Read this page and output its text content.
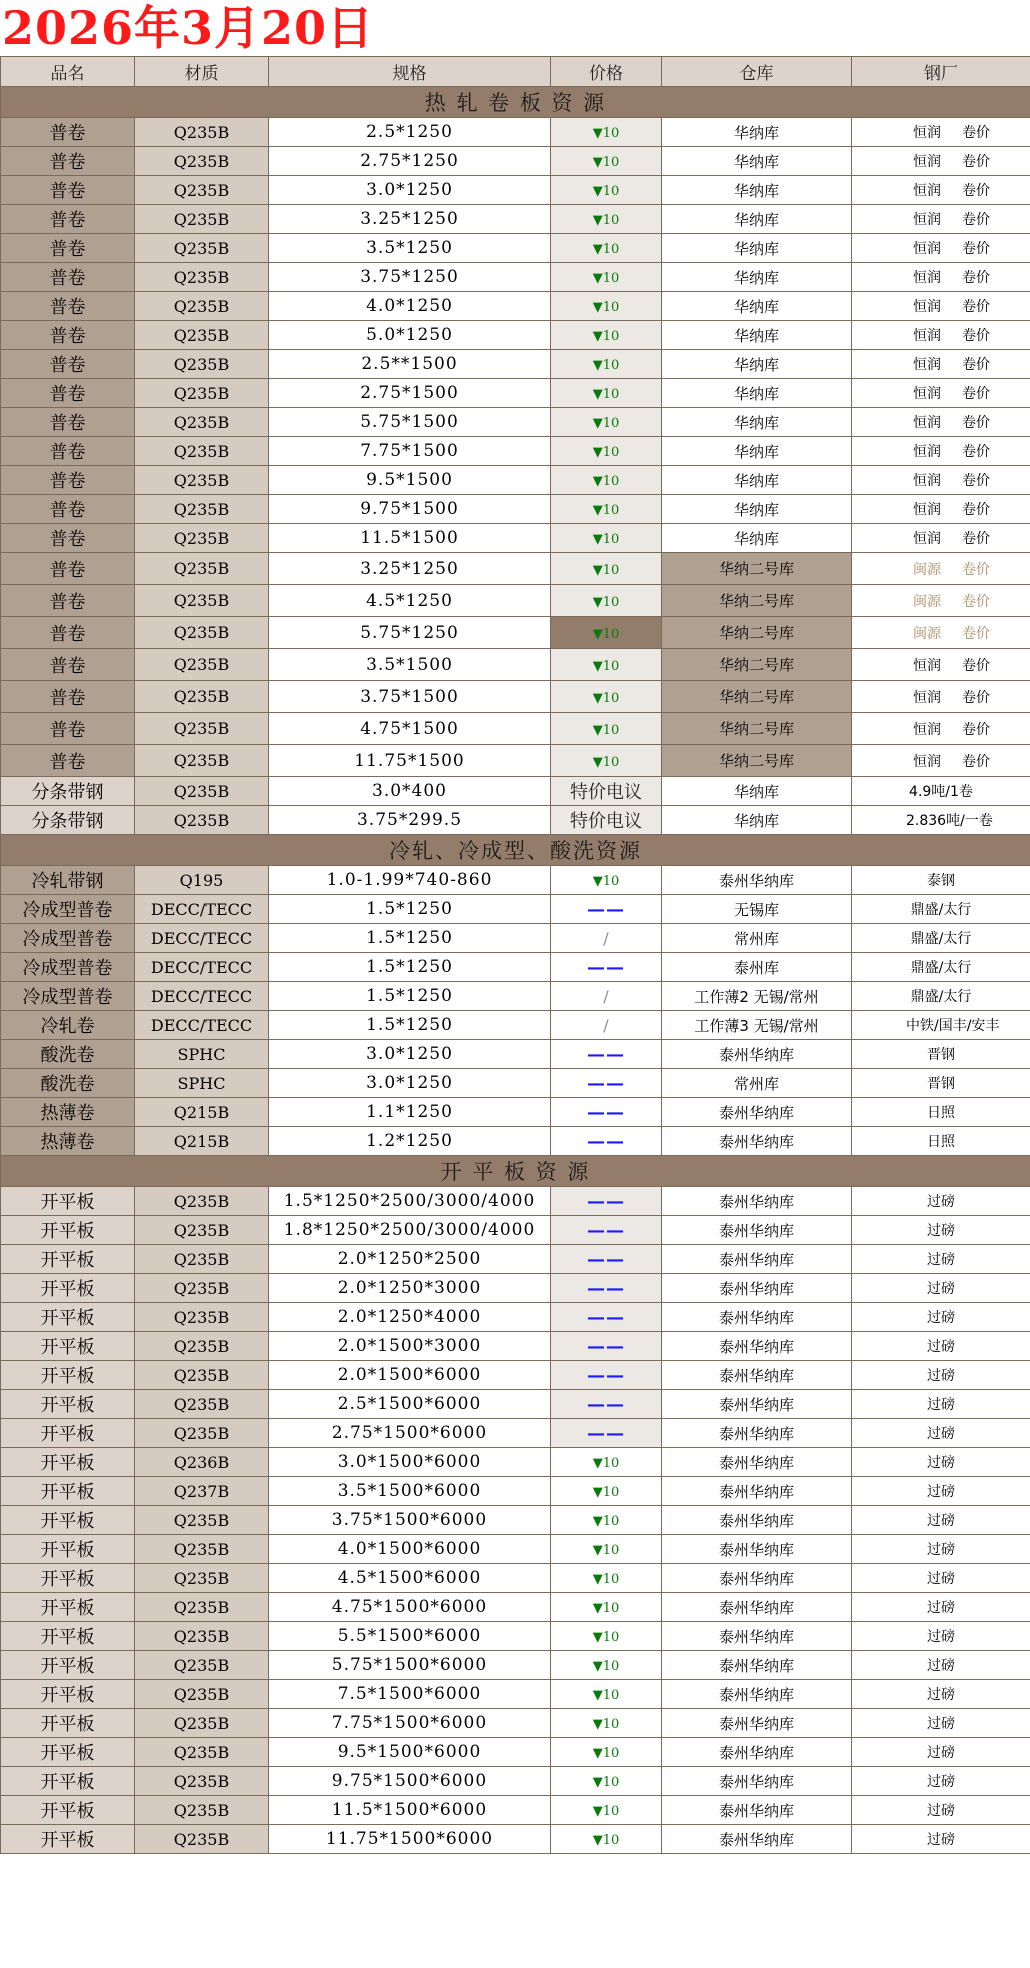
2026年3月20日
品名	材质	规格	价格	仓库	钢厂
热 轧 卷 板 资 源					
普卷	Q235B	2.5*1250	▼10	华纳库	恒润 卷价
普卷	Q235B	2.75*1250	▼10	华纳库	恒润 卷价
普卷	Q235B	3.0*1250	▼10	华纳库	恒润 卷价
普卷	Q235B	3.25*1250	▼10	华纳库	恒润 卷价
普卷	Q235B	3.5*1250	▼10	华纳库	恒润 卷价
普卷	Q235B	3.75*1250	▼10	华纳库	恒润 卷价
普卷	Q235B	4.0*1250	▼10	华纳库	恒润 卷价
普卷	Q235B	5.0*1250	▼10	华纳库	恒润 卷价
普卷	Q235B	2.5**1500	▼10	华纳库	恒润 卷价
普卷	Q235B	2.75*1500	▼10	华纳库	恒润 卷价
普卷	Q235B	5.75*1500	▼10	华纳库	恒润 卷价
普卷	Q235B	7.75*1500	▼10	华纳库	恒润 卷价
普卷	Q235B	9.5*1500	▼10	华纳库	恒润 卷价
普卷	Q235B	9.75*1500	▼10	华纳库	恒润 卷价
普卷	Q235B	11.5*1500	▼10	华纳库	恒润 卷价
普卷	Q235B	3.25*1250	▼10	华纳二号库	闽源 卷价
普卷	Q235B	4.5*1250	▼10	华纳二号库	闽源 卷价
普卷	Q235B	5.75*1250	▼10	华纳二号库	闽源 卷价
普卷	Q235B	3.5*1500	▼10	华纳二号库	恒润 卷价
普卷	Q235B	3.75*1500	▼10	华纳二号库	恒润 卷价
普卷	Q235B	4.75*1500	▼10	华纳二号库	恒润 卷价
普卷	Q235B	11.75*1500	▼10	华纳二号库	恒润 卷价
分条带钢	Q235B	3.0*400	特价电议	华纳库	4.9吨/1卷
分条带钢	Q235B	3.75*299.5	特价电议	华纳库	2.836吨/一卷
冷轧、冷成型、酸洗资源					
冷轧带钢	Q195	1.0-1.99*740-860	▼10	泰州华纳库	泰钢
冷成型普卷	DECC/TECC	1.5*1250	——	无锡库	鼎盛/太行
冷成型普卷	DECC/TECC	1.5*1250	/	常州库	鼎盛/太行
冷成型普卷	DECC/TECC	1.5*1250	——	泰州库	鼎盛/太行
冷成型普卷	DECC/TECC	1.5*1250	/	工作薄2 无锡/常州	鼎盛/太行
冷轧卷	DECC/TECC	1.5*1250	/	工作薄3 无锡/常州	中铁/国丰/安丰
酸洗卷	SPHC	3.0*1250	——	泰州华纳库	晋钢
酸洗卷	SPHC	3.0*1250	——	常州库	晋钢
热薄卷	Q215B	1.1*1250	——	泰州华纳库	日照
热薄卷	Q215B	1.2*1250	——	泰州华纳库	日照
开 平 板 资 源					
开平板	Q235B	1.5*1250*2500/3000/4000	——	泰州华纳库	过磅
开平板	Q235B	1.8*1250*2500/3000/4000	——	泰州华纳库	过磅
开平板	Q235B	2.0*1250*2500	——	泰州华纳库	过磅
开平板	Q235B	2.0*1250*3000	——	泰州华纳库	过磅
开平板	Q235B	2.0*1250*4000	——	泰州华纳库	过磅
开平板	Q235B	2.0*1500*3000	——	泰州华纳库	过磅
开平板	Q235B	2.0*1500*6000	——	泰州华纳库	过磅
开平板	Q235B	2.5*1500*6000	——	泰州华纳库	过磅
开平板	Q235B	2.75*1500*6000	——	泰州华纳库	过磅
开平板	Q236B	3.0*1500*6000	▼10	泰州华纳库	过磅
开平板	Q237B	3.5*1500*6000	▼10	泰州华纳库	过磅
开平板	Q235B	3.75*1500*6000	▼10	泰州华纳库	过磅
开平板	Q235B	4.0*1500*6000	▼10	泰州华纳库	过磅
开平板	Q235B	4.5*1500*6000	▼10	泰州华纳库	过磅
开平板	Q235B	4.75*1500*6000	▼10	泰州华纳库	过磅
开平板	Q235B	5.5*1500*6000	▼10	泰州华纳库	过磅
开平板	Q235B	5.75*1500*6000	▼10	泰州华纳库	过磅
开平板	Q235B	7.5*1500*6000	▼10	泰州华纳库	过磅
开平板	Q235B	7.75*1500*6000	▼10	泰州华纳库	过磅
开平板	Q235B	9.5*1500*6000	▼10	泰州华纳库	过磅
开平板	Q235B	9.75*1500*6000	▼10	泰州华纳库	过磅
开平板	Q235B	11.5*1500*6000	▼10	泰州华纳库	过磅
开平板	Q235B	11.75*1500*6000	▼10	泰州华纳库	过磅
